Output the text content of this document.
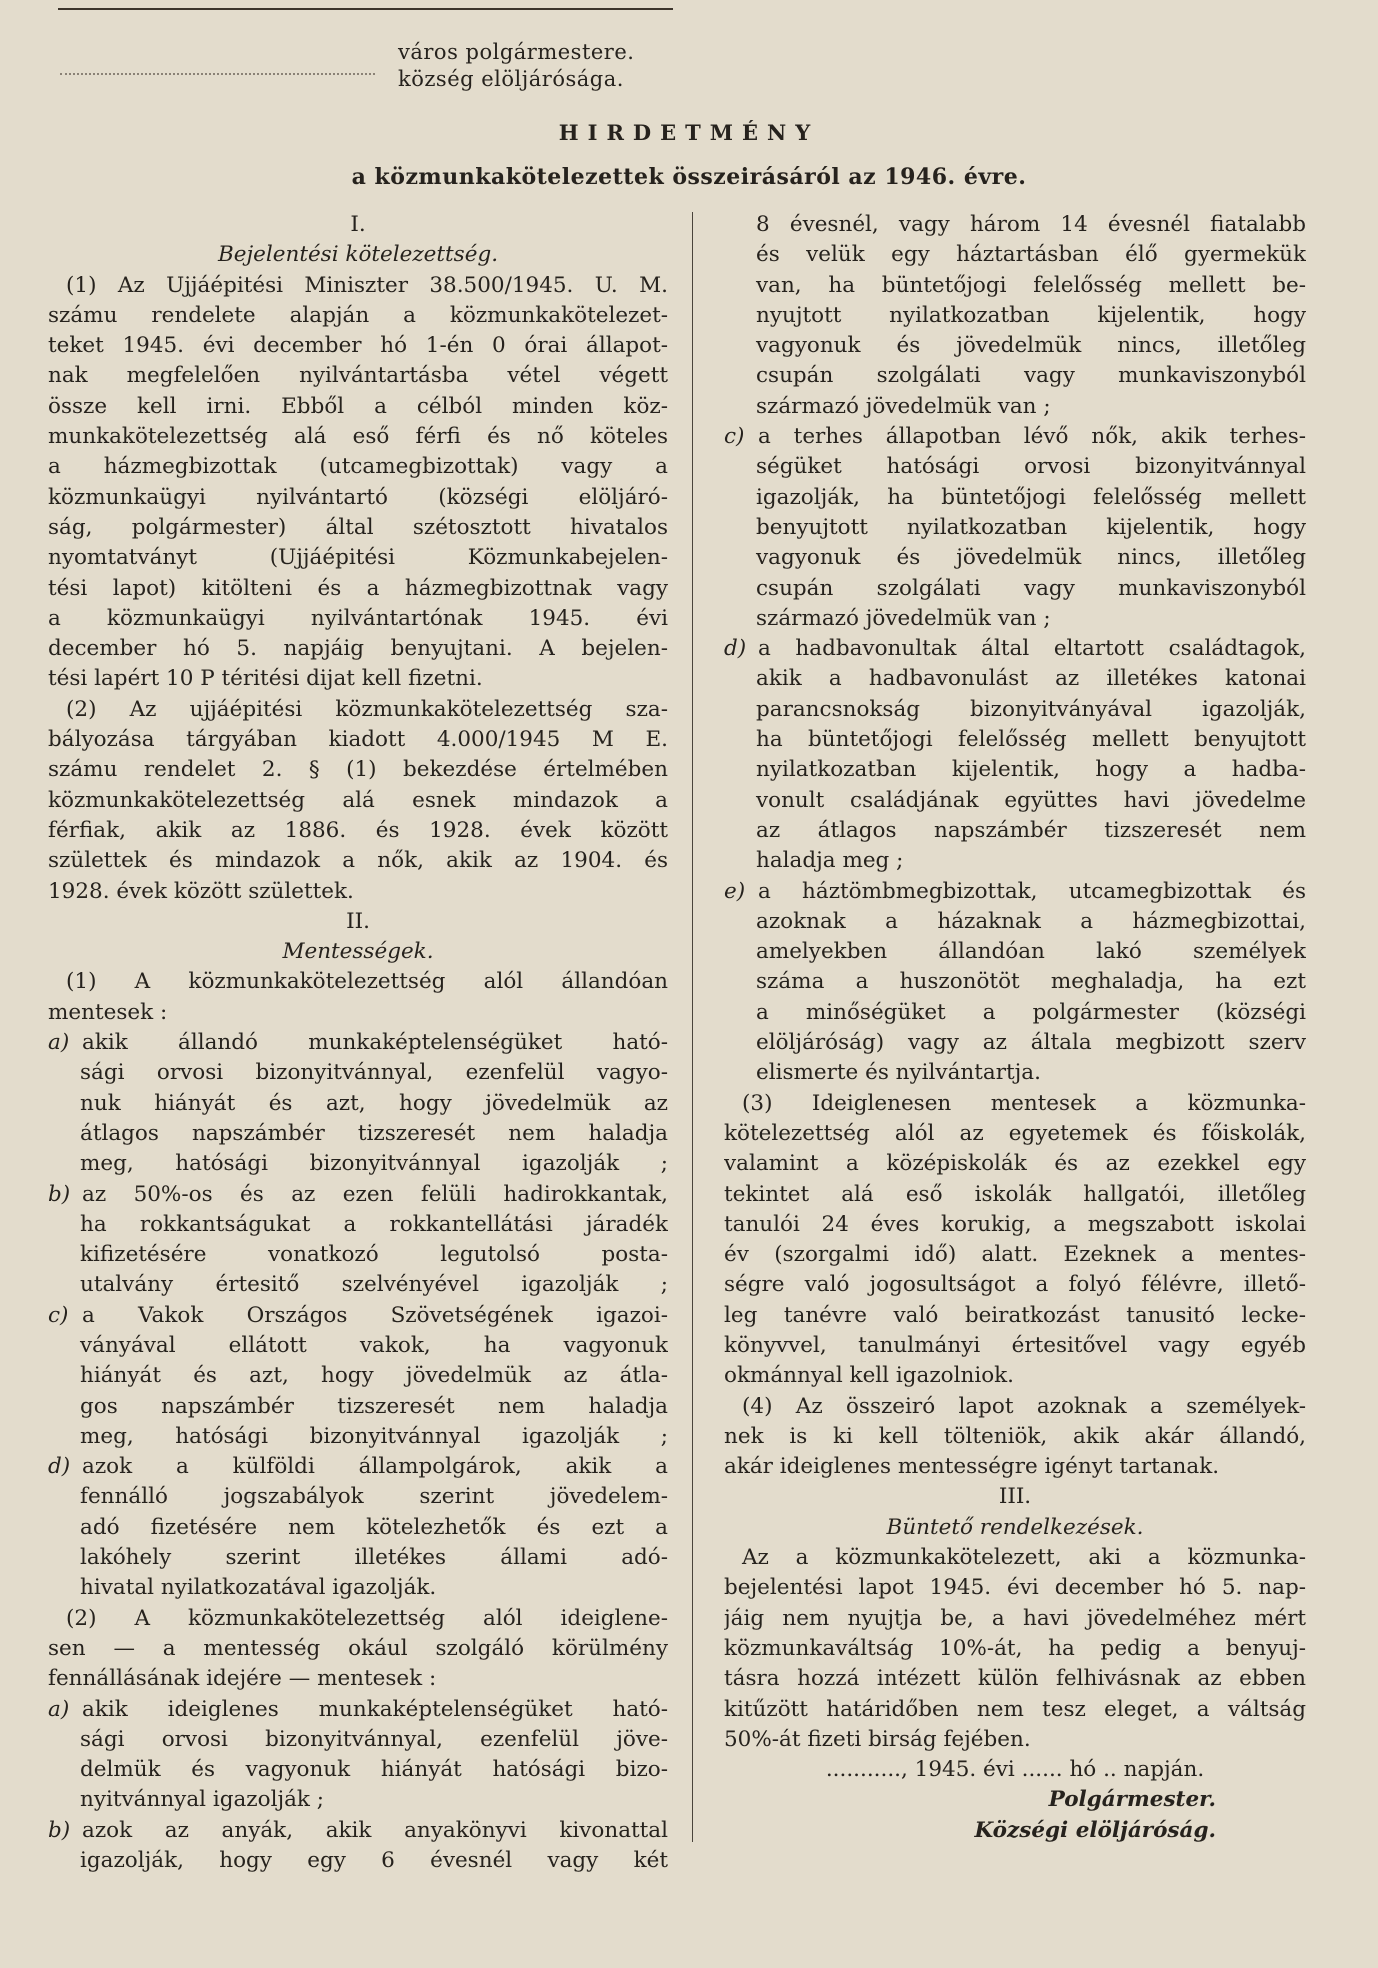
város polgármestere.
község elöljárósága.
HIRDETMÉNY
a közmunkakötelezettek összeirásáról az 1946. évre.
I.
Bejelentési kötelezettség.
(1) Az Ujjáépitési Miniszter 38.500/1945. U. M.
számu rendelete alapján a közmunkakötelezet-
teket 1945. évi december hó 1-én 0 órai állapot-
nak megfelelően nyilvántartásba vétel végett
össze kell irni. Ebből a célból minden köz-
munkakötelezettség alá eső férfi és nő köteles
a házmegbizottak (utcamegbizottak) vagy a
közmunkaügyi nyilvántartó (községi elöljáró-
ság, polgármester) által szétosztott hivatalos
nyomtatványt (Ujjáépitési Közmunkabejelen-
tési lapot) kitölteni és a házmegbizottnak vagy
a közmunkaügyi nyilvántartónak 1945. évi
december hó 5. napjáig benyujtani. A bejelen-
tési lapért 10 P téritési dijat kell fizetni.
(2) Az ujjáépitési közmunkakötelezettség sza-
bályozása tárgyában kiadott 4.000/1945 M E.
számu rendelet 2. § (1) bekezdése értelmében
közmunkakötelezettség alá esnek mindazok a
férfiak, akik az 1886. és 1928. évek között
születtek és mindazok a nők, akik az 1904. és
1928. évek között születtek.
II.
Mentességek.
(1) A közmunkakötelezettség alól állandóan
mentesek :
a) akik állandó munkaképtelenségüket ható-
sági orvosi bizonyitvánnyal, ezenfelül vagyo-
nuk hiányát és azt, hogy jövedelmük az
átlagos napszámbér tizszeresét nem haladja
meg, hatósági bizonyitvánnyal igazolják ;
b) az 50%-os és az ezen felüli hadirokkantak,
ha rokkantságukat a rokkantellátási járadék
kifizetésére vonatkozó legutolsó posta-
utalvány értesitő szelvényével igazolják ;
c) a Vakok Országos Szövetségének igazoi-
ványával ellátott vakok, ha vagyonuk
hiányát és azt, hogy jövedelmük az átla-
gos napszámbér tizszeresét nem haladja
meg, hatósági bizonyitvánnyal igazolják ;
d) azok a külföldi állampolgárok, akik a
fennálló jogszabályok szerint jövedelem-
adó fizetésére nem kötelezhetők és ezt a
lakóhely szerint illetékes állami adó-
hivatal nyilatkozatával igazolják.
(2) A közmunkakötelezettség alól ideiglene-
sen — a mentesség okául szolgáló körülmény
fennállásának idejére — mentesek :
a) akik ideiglenes munkaképtelenségüket ható-
sági orvosi bizonyitvánnyal, ezenfelül jöve-
delmük és vagyonuk hiányát hatósági bizo-
nyitvánnyal igazolják ;
b) azok az anyák, akik anyakönyvi kivonattal
igazolják, hogy egy 6 évesnél vagy két
8 évesnél, vagy három 14 évesnél fiatalabb
és velük egy háztartásban élő gyermekük
van, ha büntetőjogi felelősség mellett be-
nyujtott nyilatkozatban kijelentik, hogy
vagyonuk és jövedelmük nincs, illetőleg
csupán szolgálati vagy munkaviszonyból
származó jövedelmük van ;
c) a terhes állapotban lévő nők, akik terhes-
ségüket hatósági orvosi bizonyitvánnyal
igazolják, ha büntetőjogi felelősség mellett
benyujtott nyilatkozatban kijelentik, hogy
vagyonuk és jövedelmük nincs, illetőleg
csupán szolgálati vagy munkaviszonyból
származó jövedelmük van ;
d) a hadbavonultak által eltartott családtagok,
akik a hadbavonulást az illetékes katonai
parancsnokság bizonyitványával igazolják,
ha büntetőjogi felelősség mellett benyujtott
nyilatkozatban kijelentik, hogy a hadba-
vonult családjának együttes havi jövedelme
az átlagos napszámbér tizszeresét nem
haladja meg ;
e) a háztömbmegbizottak, utcamegbizottak és
azoknak a házaknak a házmegbizottai,
amelyekben állandóan lakó személyek
száma a huszonötöt meghaladja, ha ezt
a minőségüket a polgármester (községi
elöljáróság) vagy az általa megbizott szerv
elismerte és nyilvántartja.
(3) Ideiglenesen mentesek a közmunka-
kötelezettség alól az egyetemek és főiskolák,
valamint a középiskolák és az ezekkel egy
tekintet alá eső iskolák hallgatói, illetőleg
tanulói 24 éves korukig, a megszabott iskolai
év (szorgalmi idő) alatt. Ezeknek a mentes-
ségre való jogosultságot a folyó félévre, illető-
leg tanévre való beiratkozást tanusitó lecke-
könyvvel, tanulmányi értesitővel vagy egyéb
okmánnyal kell igazolniok.
(4) Az összeiró lapot azoknak a személyek-
nek is ki kell tölteniök, akik akár állandó,
akár ideiglenes mentességre igényt tartanak.
III.
Büntető rendelkezések.
Az a közmunkakötelezett, aki a közmunka-
bejelentési lapot 1945. évi december hó 5. nap-
jáig nem nyujtja be, a havi jövedelméhez mért
közmunkaváltság 10%-át, ha pedig a benyuj-
tásra hozzá intézett külön felhivásnak az ebben
kitűzött határidőben nem tesz eleget, a váltság
50%-át fizeti birság fejében.
..........., 1945. évi ...... hó .. napján.
Polgármester.
Községi elöljáróság.
